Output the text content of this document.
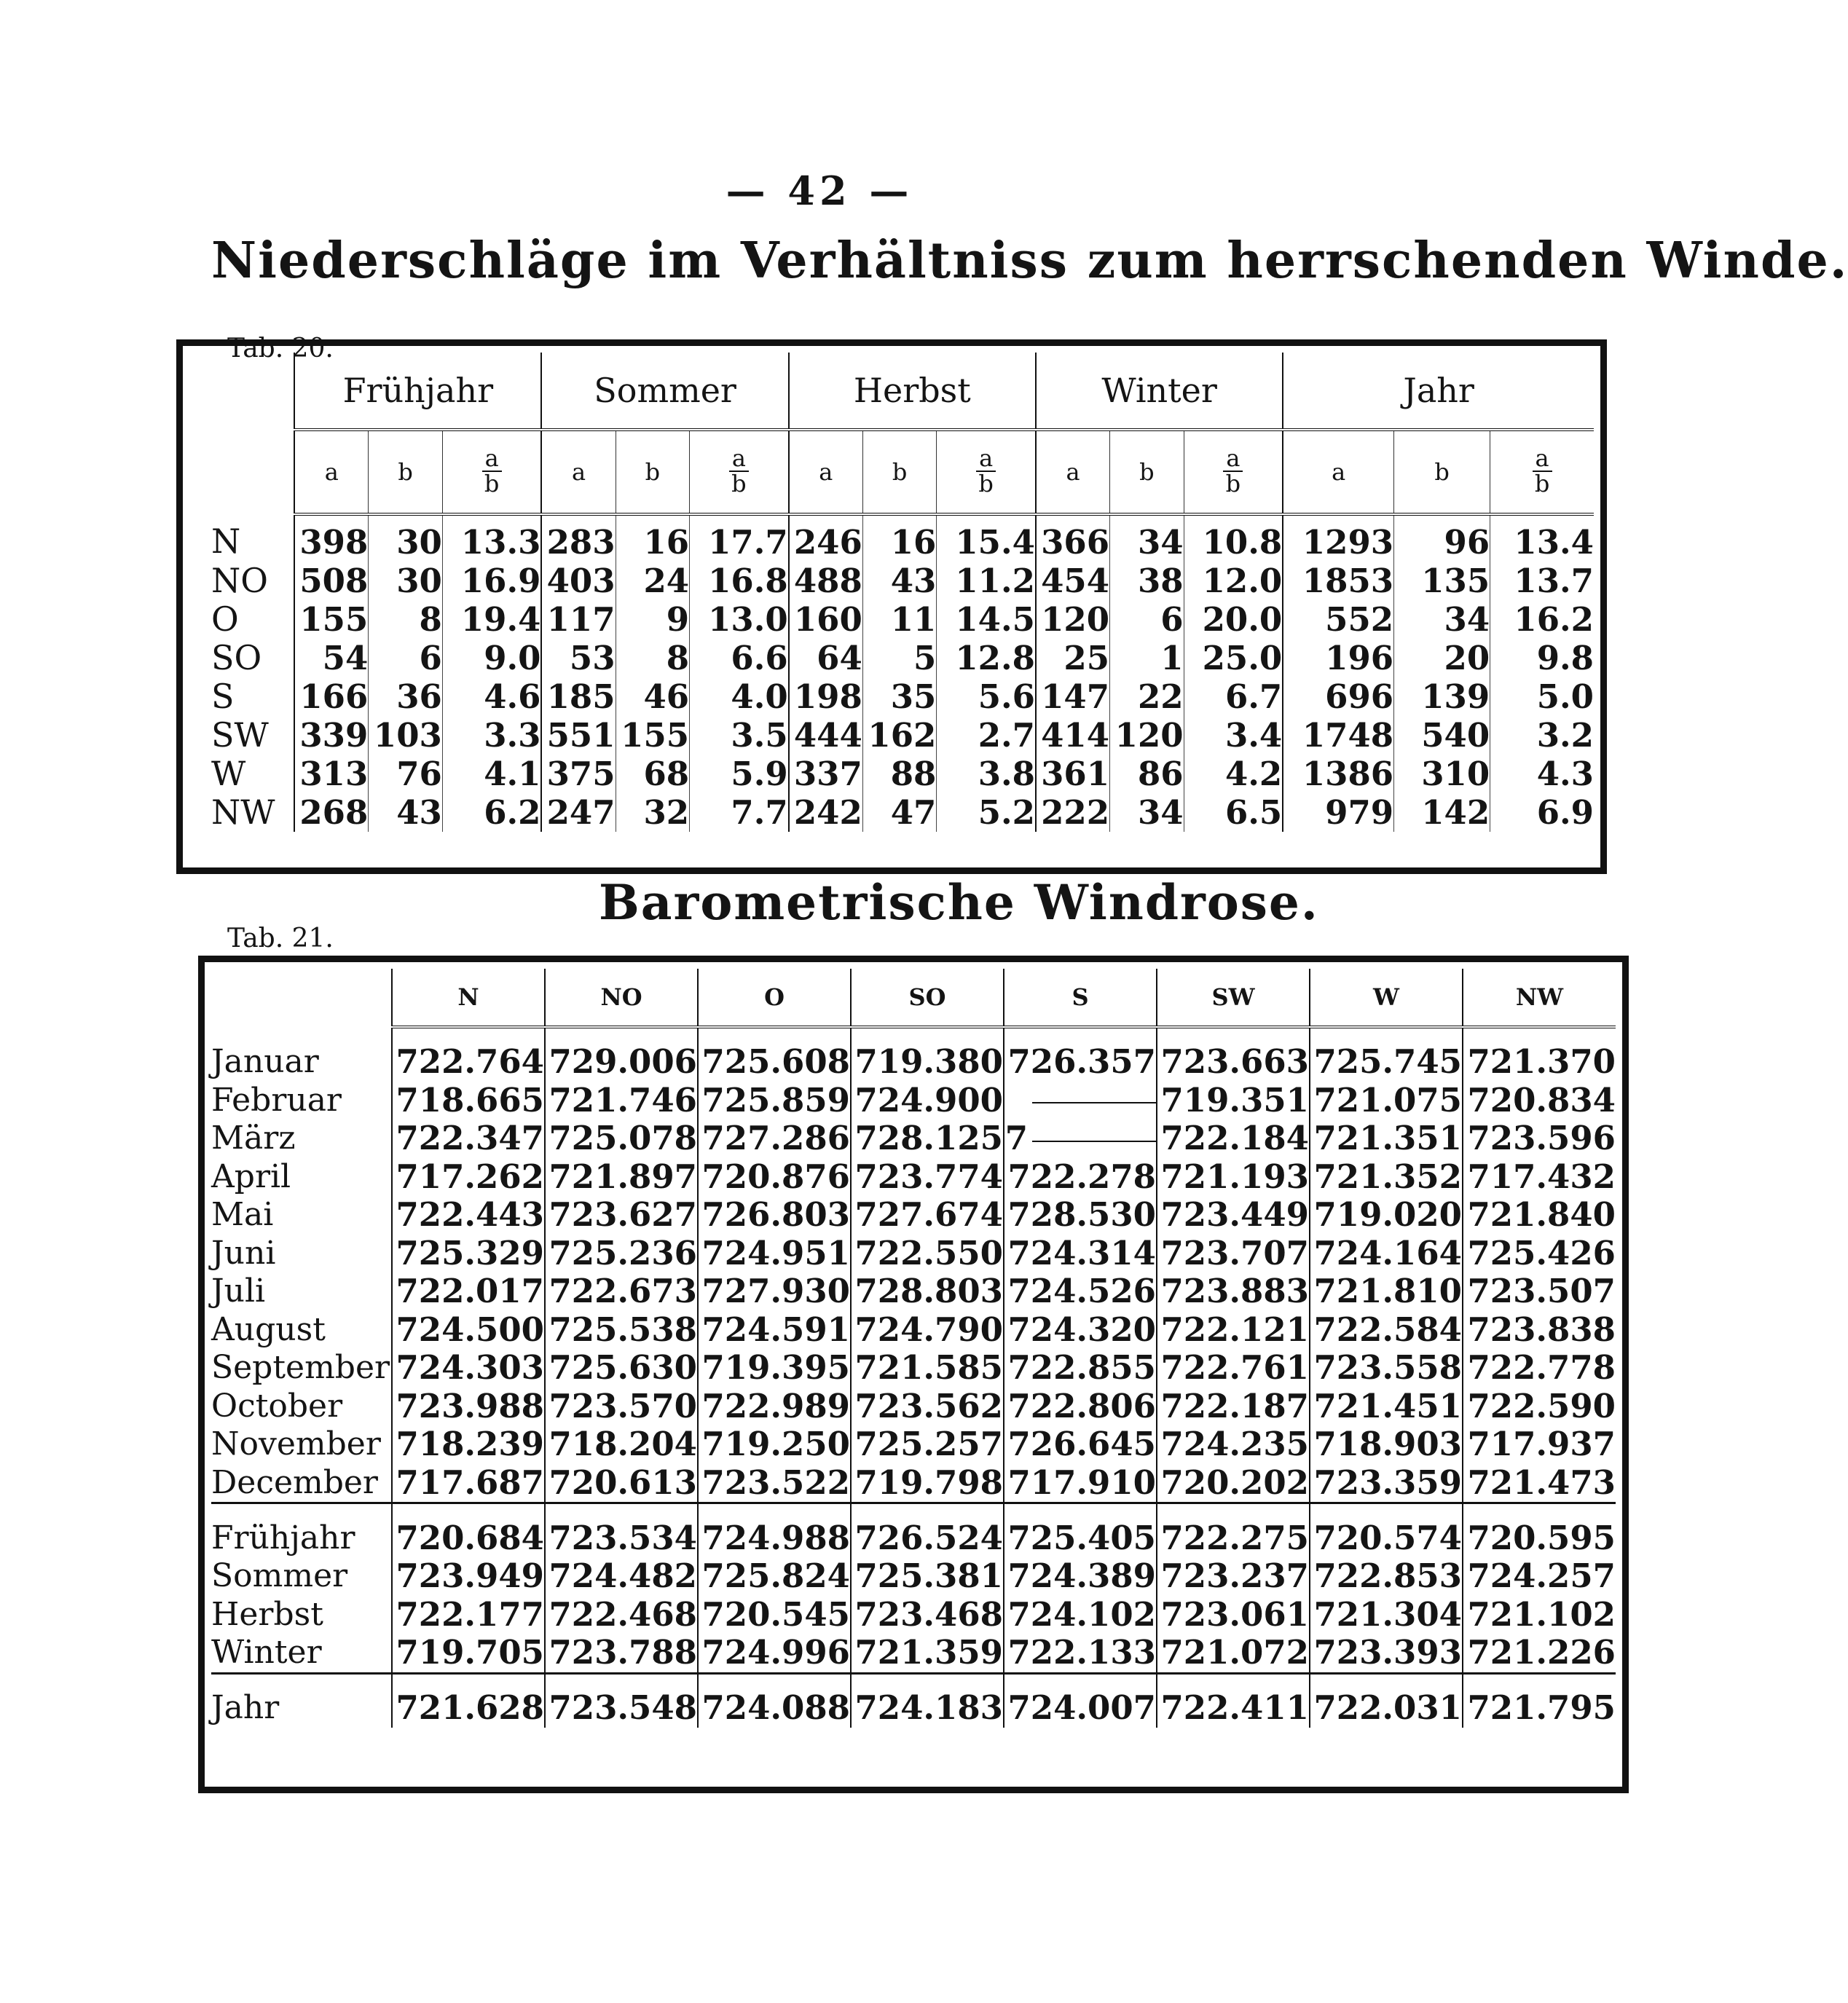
— 42 —
Niederschläge im Verhältniss zum herrschenden Winde.
Tab. 20.
	Frühjahr			Sommer			Herbst			Winter			Jahr		
	a	b	$\frac{a}{b}$	a	b	$\frac{a}{b}$	a	b	$\frac{a}{b}$	a	b	$\frac{a}{b}$	a	b	$\frac{a}{b}$

N	398	30	13.3	283	16	17.7	246	16	15.4	366	34	10.8	1293	96	13.4
NO	508	30	16.9	403	24	16.8	488	43	11.2	454	38	12.0	1853	135	13.7
O	155	8	19.4	117	9	13.0	160	11	14.5	120	6	20.0	552	34	16.2
SO	54	6	9.0	53	8	6.6	64	5	12.8	25	1	25.0	196	20	9.8
S	166	36	4.6	185	46	4.0	198	35	5.6	147	22	6.7	696	139	5.0
SW	339	103	3.3	551	155	3.5	444	162	2.7	414	120	3.4	1748	540	3.2
W	313	76	4.1	375	68	5.9	337	88	3.8	361	86	4.2	1386	310	4.3
NW	268	43	6.2	247	32	7.7	242	47	5.2	222	34	6.5	979	142	6.9
Barometrische Windrose.
Tab. 21.
	N	NO	O	SO	S	SW	W	NW

Januar	722.764	729.006	725.608	719.380	726.357	723.663	725.745	721.370
Februar	718.665	721.746	725.859	724.900		719.351	721.075	720.834
März	722.347	725.078	727.286	728.125	7	722.184	721.351	723.596
April	717.262	721.897	720.876	723.774	722.278	721.193	721.352	717.432
Mai	722.443	723.627	726.803	727.674	728.530	723.449	719.020	721.840
Juni	725.329	725.236	724.951	722.550	724.314	723.707	724.164	725.426
Juli	722.017	722.673	727.930	728.803	724.526	723.883	721.810	723.507
August	724.500	725.538	724.591	724.790	724.320	722.121	722.584	723.838
September	724.303	725.630	719.395	721.585	722.855	722.761	723.558	722.778
October	723.988	723.570	722.989	723.562	722.806	722.187	721.451	722.590
November	718.239	718.204	719.250	725.257	726.645	724.235	718.903	717.937
December	717.687	720.613	723.522	719.798	717.910	720.202	723.359	721.473

Frühjahr	720.684	723.534	724.988	726.524	725.405	722.275	720.574	720.595
Sommer	723.949	724.482	725.824	725.381	724.389	723.237	722.853	724.257
Herbst	722.177	722.468	720.545	723.468	724.102	723.061	721.304	721.102
Winter	719.705	723.788	724.996	721.359	722.133	721.072	723.393	721.226

Jahr	721.628	723.548	724.088	724.183	724.007	722.411	722.031	721.795
